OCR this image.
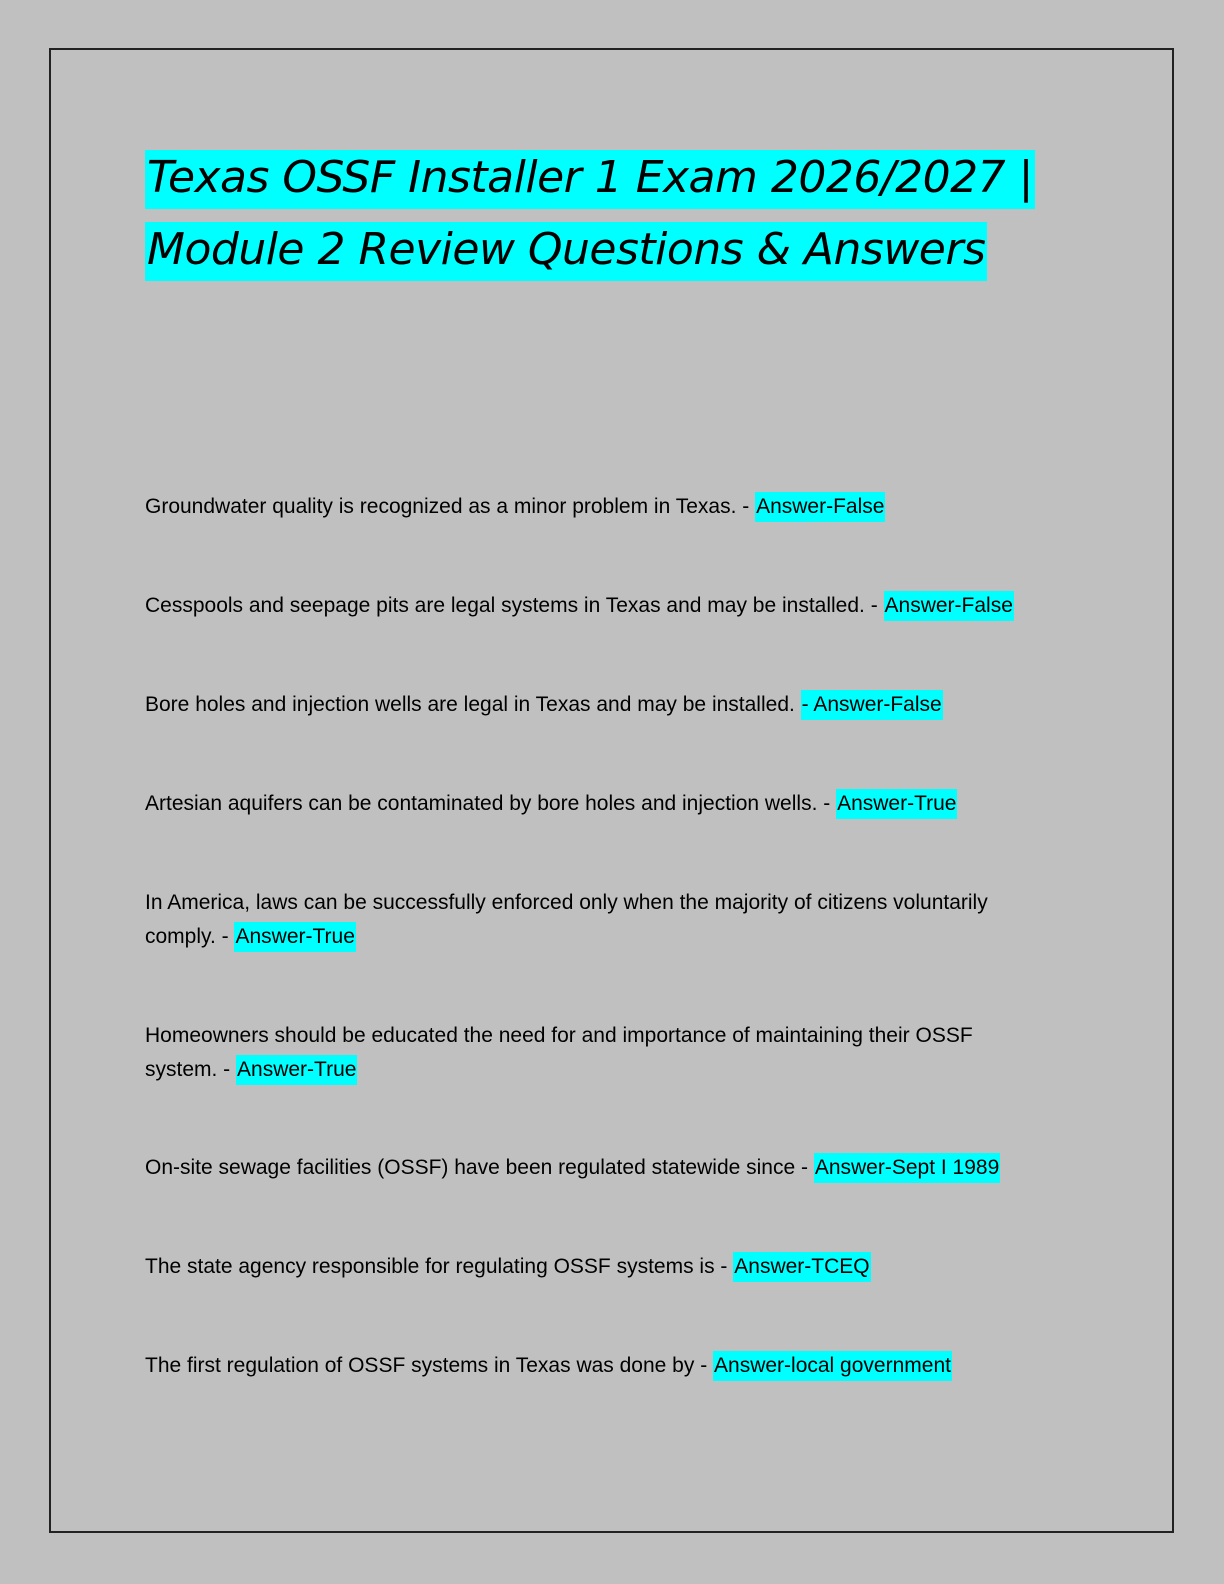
Texas OSSF Installer 1 Exam 2026/2027 |
Module 2 Review Questions & Answers
Groundwater quality is recognized as a minor problem in Texas. - Answer-False
Cesspools and seepage pits are legal systems in Texas and may be installed. - Answer-False
Bore holes and injection wells are legal in Texas and may be installed. - Answer-False
Artesian aquifers can be contaminated by bore holes and injection wells. - Answer-True
In America, laws can be successfully enforced only when the majority of citizens voluntarily comply. - Answer-True
Homeowners should be educated the need for and importance of maintaining their OSSF system. - Answer-True
On-site sewage facilities (OSSF) have been regulated statewide since - Answer-Sept I 1989
The state agency responsible for regulating OSSF systems is - Answer-TCEQ
The first regulation of OSSF systems in Texas was done by - Answer-local government
